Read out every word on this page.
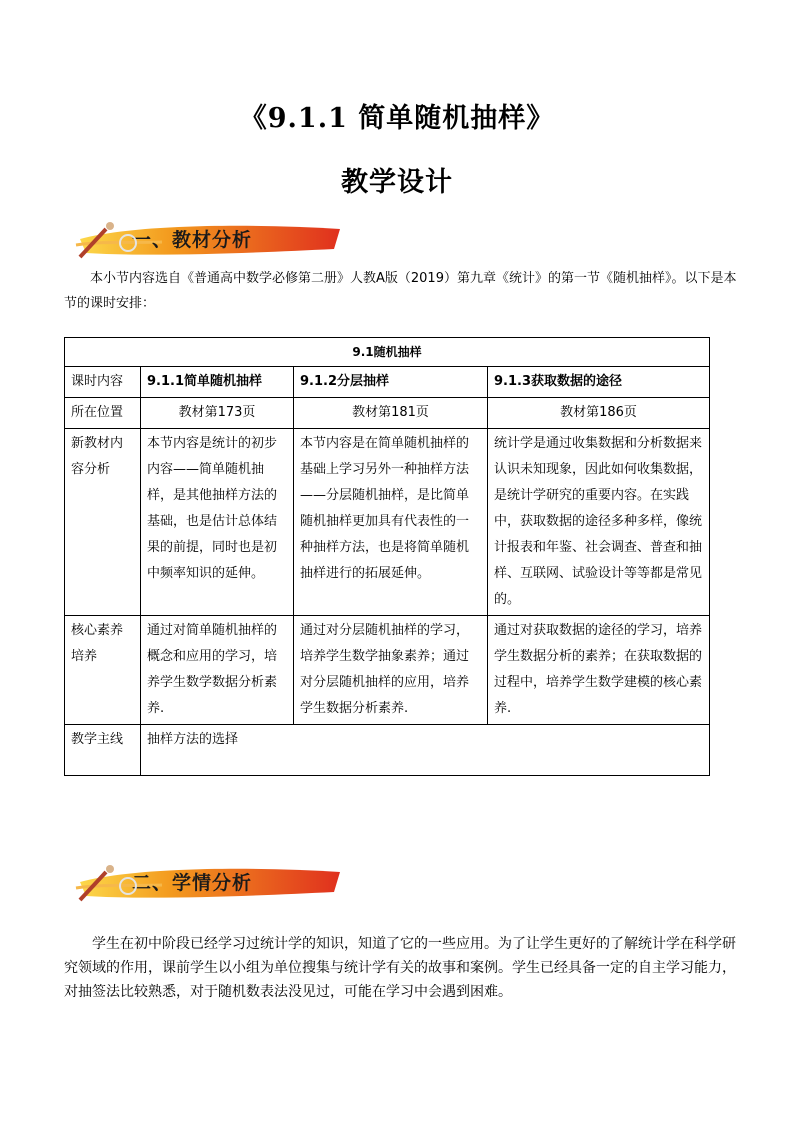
《9.1.1 简单随机抽样》
教学设计
一、教材分析

本小节内容选自《普通高中数学必修第二册》人教A版（2019）第九章《统计》的第一节《随机抽样》。以下是本节的课时安排：

9.1随机抽样			
课时内容	9.1.1简单随机抽样	9.1.2分层抽样	9.1.3获取数据的途径
所在位置	教材第173页	教材第181页	教材第186页
新教材内容分析	本节内容是统计的初步内容——简单随机抽样，是其他抽样方法的基础，也是估计总体结果的前提，同时也是初中频率知识的延伸。	本节内容是在简单随机抽样的基础上学习另外一种抽样方法——分层随机抽样，是比简单随机抽样更加具有代表性的一种抽样方法，也是将简单随机抽样进行的拓展延伸。	统计学是通过收集数据和分析数据来认识未知现象，因此如何收集数据，是统计学研究的重要内容。在实践中，获取数据的途径多种多样，像统计报表和年鉴、社会调查、普查和抽样、互联网、试验设计等等都是常见的。
核心素养培养	通过对简单随机抽样的概念和应用的学习，培养学生数学数据分析素养.	通过对分层随机抽样的学习，培养学生数学抽象素养；通过对分层随机抽样的应用，培养学生数据分析素养.	通过对获取数据的途径的学习，培养学生数据分析的素养；在获取数据的过程中，培养学生数学建模的核心素养.
教学主线	抽样方法的选择		
二、学情分析

学生在初中阶段已经学习过统计学的知识，知道了它的一些应用。为了让学生更好的了解统计学在科学研究领域的作用，课前学生以小组为单位搜集与统计学有关的故事和案例。学生已经具备一定的自主学习能力，对抽签法比较熟悉，对于随机数表法没见过，可能在学习中会遇到困难。
